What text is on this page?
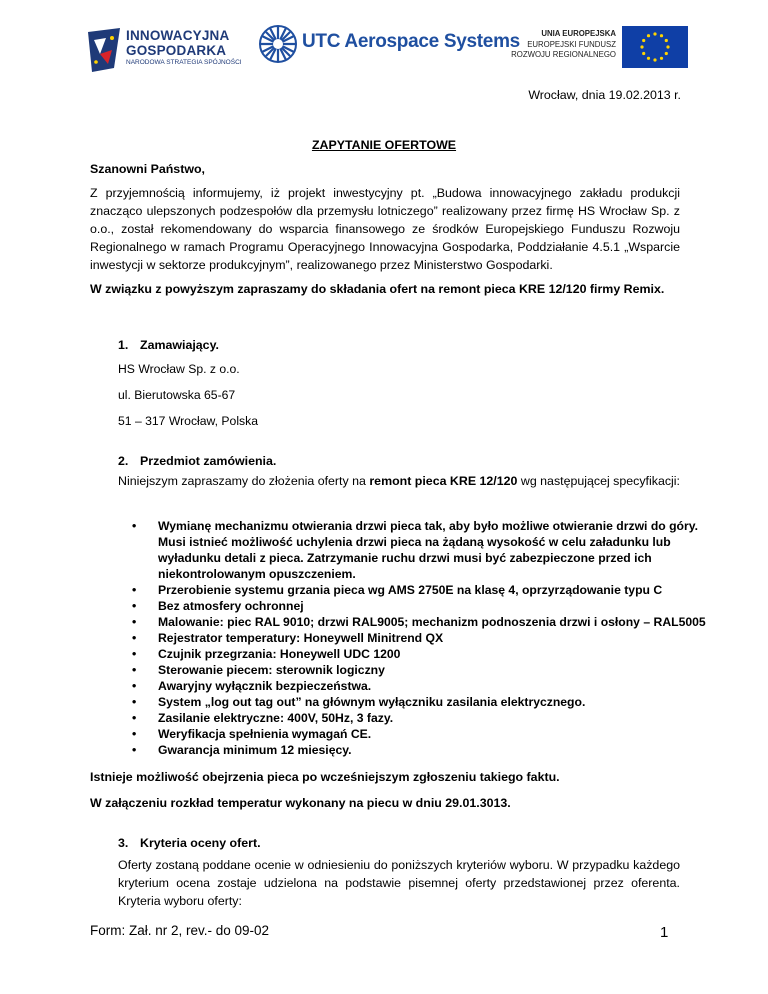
INNOWACYJNA
GOSPODARKA
NARODOWA STRATEGIA SPÓJNOŚCI
UTC Aerospace Systems	UNIA EUROPEJSKA
EUROPEJSKI FUNDUSZ
ROZWOJU REGIONALNEGO
Wrocław, dnia 19.02.2013 r.
ZAPYTANIE OFERTOWE
Szanowni Państwo,
Z przyjemnością informujemy, iż projekt inwestycyjny pt. „Budowa innowacyjnego zakładu produkcji znacząco ulepszonych podzespołów dla przemysłu lotniczego” realizowany przez firmę HS Wrocław Sp. z o.o., został rekomendowany do wsparcia finansowego ze środków Europejskiego Funduszu Rozwoju Regionalnego w ramach Programu Operacyjnego Innowacyjna Gospodarka, Poddziałanie 4.5.1 „Wsparcie inwestycji w sektorze produkcyjnym”, realizowanego przez Ministerstwo Gospodarki.
W związku z powyższym zapraszamy do składania ofert na remont pieca KRE 12/120 firmy Remix.
1. Zamawiający.
HS Wrocław Sp. z o.o.
ul. Bierutowska 65-67
51 – 317 Wrocław, Polska
2. Przedmiot zamówienia.
Niniejszym zapraszamy do złożenia oferty na remont pieca KRE 12/120 wg następującej specyfikacji:
• Wymianę mechanizmu otwierania drzwi pieca tak, aby było możliwe otwieranie drzwi do góry. Musi istnieć możliwość uchylenia drzwi pieca na żądaną wysokość w celu załadunku lub wyładunku detali z pieca. Zatrzymanie ruchu drzwi musi być zabezpieczone przed ich niekontrolowanym opuszczeniem.
• Przerobienie systemu grzania pieca wg AMS 2750E na klasę 4, oprzyrządowanie typu C
• Bez atmosfery ochronnej
• Malowanie: piec RAL 9010; drzwi RAL9005; mechanizm podnoszenia drzwi i osłony – RAL5005
• Rejestrator temperatury: Honeywell Minitrend QX
• Czujnik przegrzania: Honeywell UDC 1200
• Sterowanie piecem: sterownik logiczny
• Awaryjny wyłącznik bezpieczeństwa.
• System „log out tag out” na głównym wyłączniku zasilania elektrycznego.
• Zasilanie elektryczne: 400V, 50Hz, 3 fazy.
• Weryfikacja spełnienia wymagań CE.
• Gwarancja minimum 12 miesięcy.
Istnieje możliwość obejrzenia pieca po wcześniejszym zgłoszeniu takiego faktu.
W załączeniu rozkład temperatur wykonany na piecu w dniu 29.01.3013.
3. Kryteria oceny ofert.
Oferty zostaną poddane ocenie w odniesieniu do poniższych kryteriów wyboru. W przypadku każdego kryterium ocena zostaje udzielona na podstawie pisemnej oferty przedstawionej przez oferenta. Kryteria wyboru oferty:
Form: Zał. nr 2, rev.- do 09-02	1
